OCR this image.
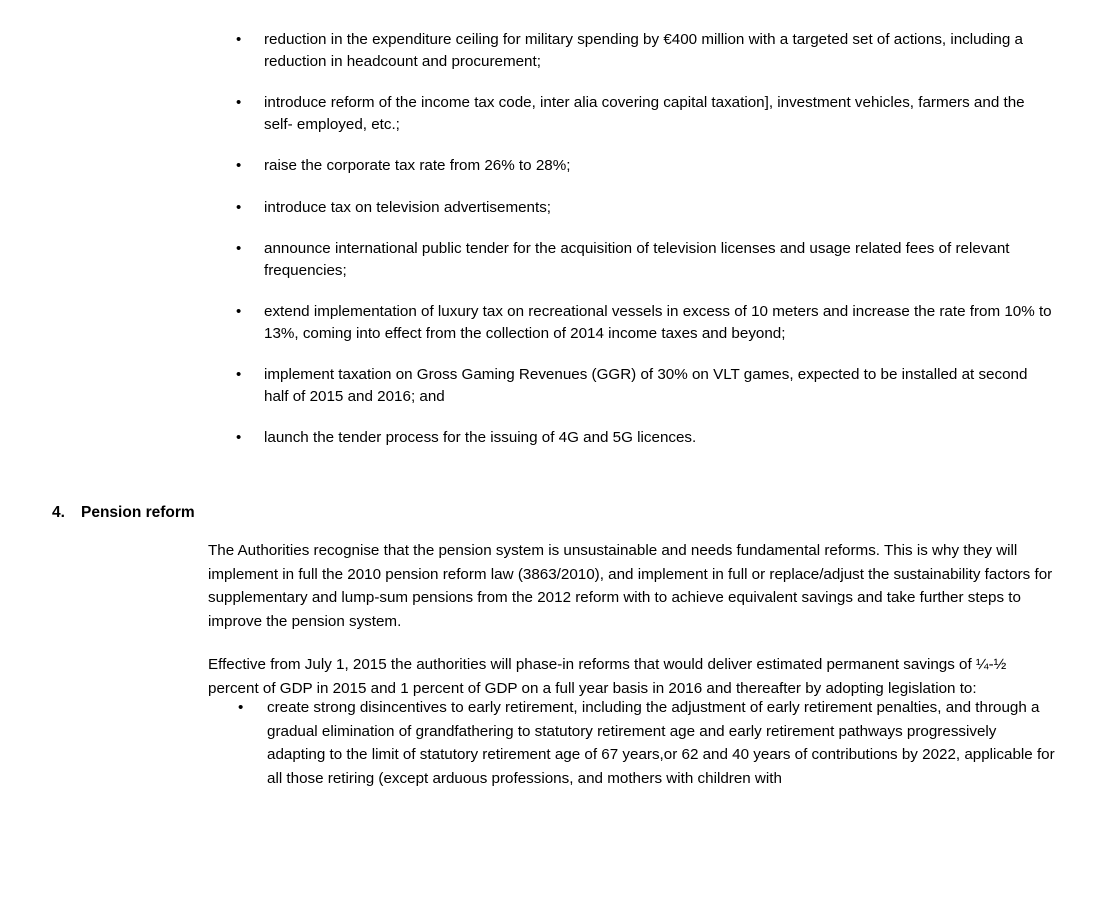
• reduction in the expenditure ceiling for military spending by €400 million with a targeted set of actions, including a reduction in headcount and procurement;
• introduce reform of the income tax code, inter alia covering capital taxation], investment vehicles, farmers and the self- employed, etc.;
• raise the corporate tax rate from 26% to 28%;
• introduce tax on television advertisements;
• announce international public tender for the acquisition of television licenses and usage related fees of relevant frequencies;
• extend implementation of luxury tax on recreational vessels in excess of 10 meters and increase the rate from 10% to 13%, coming into effect from the collection of 2014 income taxes and beyond;
• implement taxation on Gross Gaming Revenues (GGR) of 30% on VLT games, expected to be installed at second half of 2015 and 2016; and
• launch the tender process for the issuing of 4G and 5G licences.
4. Pension reform

The Authorities recognise that the pension system is unsustainable and needs fundamental reforms. This is why they will implement in full the 2010 pension reform law (3863/2010), and implement in full or replace/adjust the sustainability factors for supplementary and lump-sum pensions from the 2012 reform with to achieve equivalent savings and take further steps to improve the pension system.

Effective from July 1, 2015 the authorities will phase-in reforms that would deliver estimated permanent savings of ¼-½ percent of GDP in 2015 and 1 percent of GDP on a full year basis in 2016 and thereafter by adopting legislation to:

• create strong disincentives to early retirement, including the adjustment of early retirement penalties, and through a gradual elimination of grandfathering to statutory retirement age and early retirement pathways progressively adapting to the limit of statutory retirement age of 67 years,or 62 and 40 years of contributions by 2022, applicable for all those retiring (except arduous professions, and mothers with children with
